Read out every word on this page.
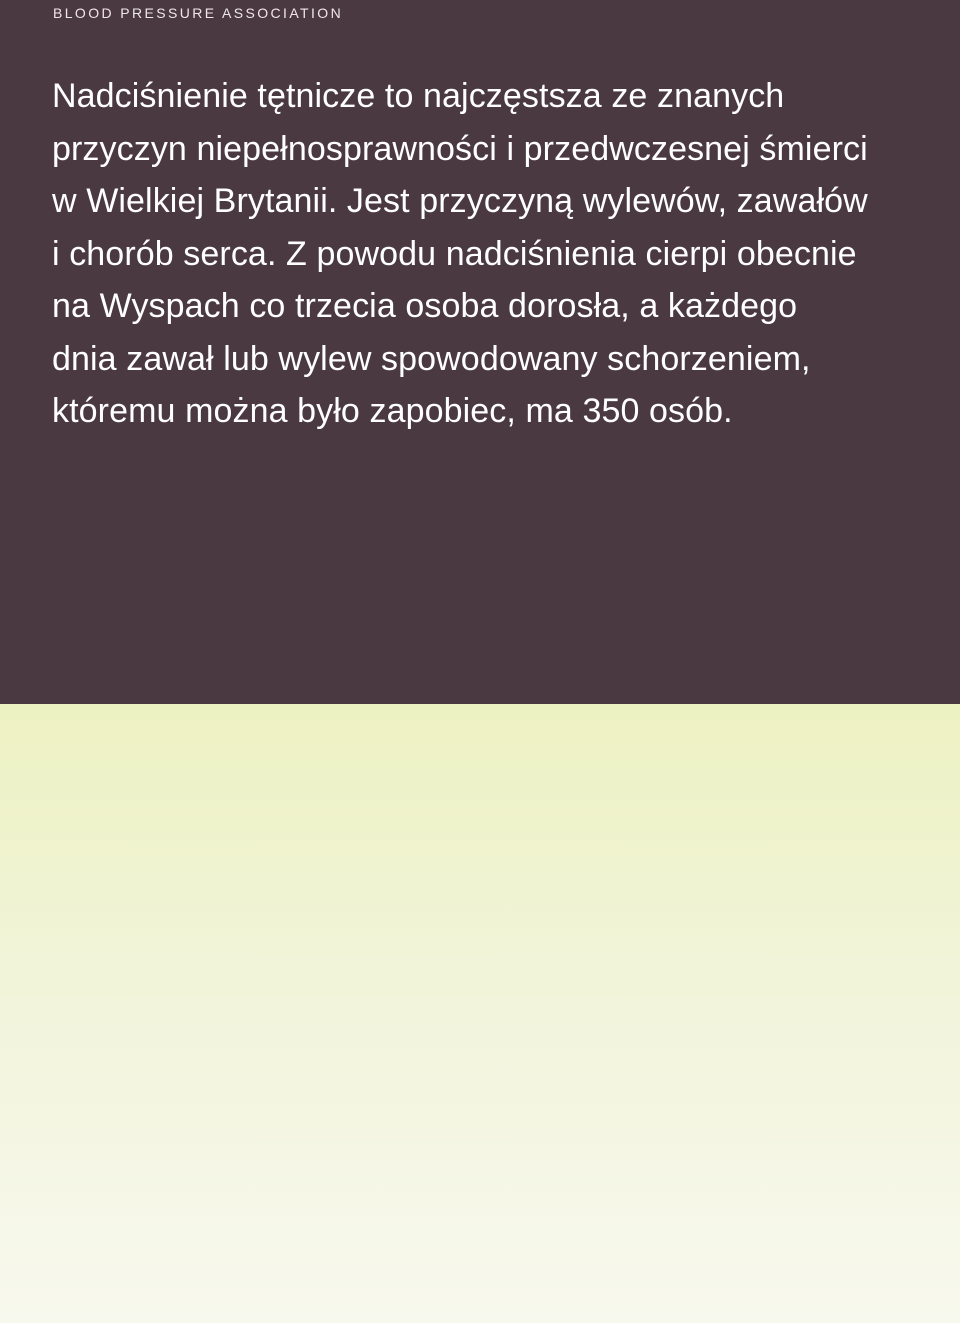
BLOOD PRESSURE ASSOCIATION

Nadciśnienie tętnicze to najczęstsza ze znanych
przyczyn niepełnosprawności i przedwczesnej śmierci
w Wielkiej Brytanii. Jest przyczyną wylewów, zawałów
i chorób serca. Z powodu nadciśnienia cierpi obecnie
na Wyspach co trzecia osoba dorosła, a każdego
dnia zawał lub wylew spowodowany schorzeniem,
któremu można było zapobiec, ma 350 osób.
